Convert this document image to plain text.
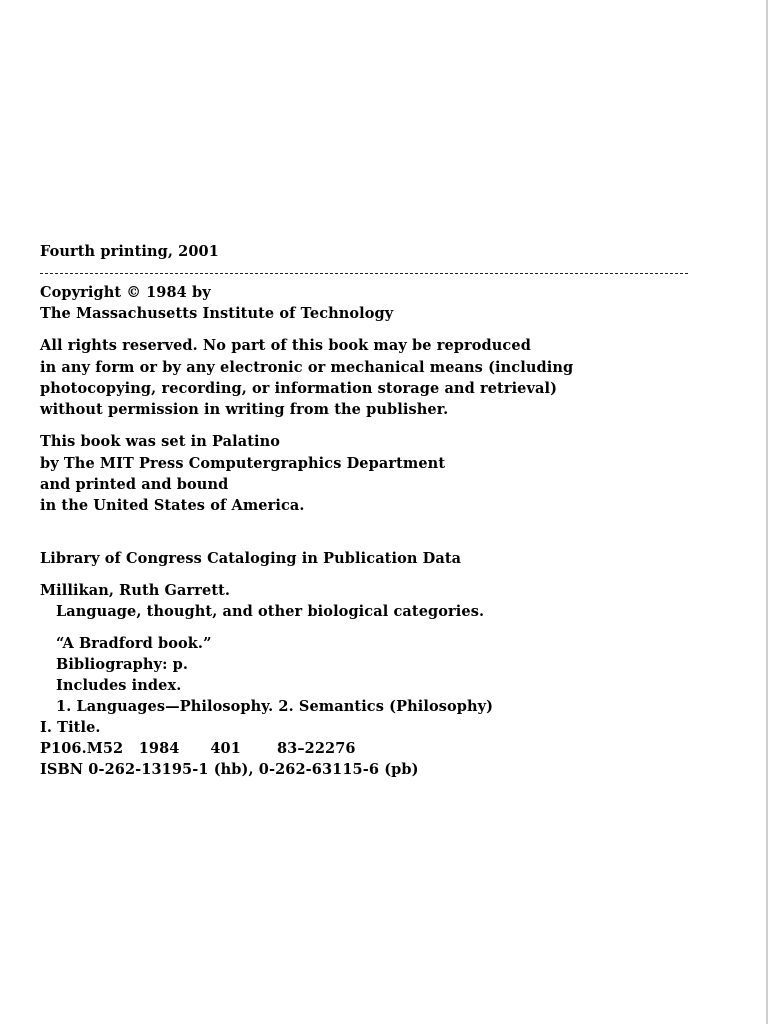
Fourth printing, 2001
Copyright © 1984 by
The Massachusetts Institute of Technology
All rights reserved. No part of this book may be reproduced
in any form or by any electronic or mechanical means (including
photocopying, recording, or information storage and retrieval)
without permission in writing from the publisher.
This book was set in Palatino
by The MIT Press Computergraphics Department
and printed and bound
in the United States of America.
Library of Congress Cataloging in Publication Data
Millikan, Ruth Garrett.
Language, thought, and other biological categories.
“A Bradford book.”
Bibliography: p.
Includes index.
1. Languages—Philosophy. 2. Semantics (Philosophy)
I. Title.
P106.M52   1984      401       83–22276
ISBN 0-262-13195-1 (hb), 0-262-63115-6 (pb)
